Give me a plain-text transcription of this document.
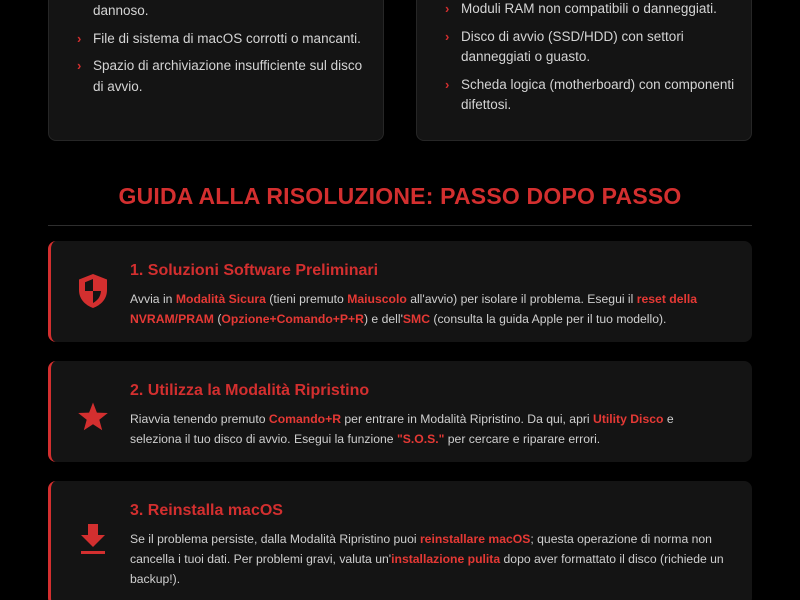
dannoso.
› File di sistema di macOS corrotti o mancanti.
› Spazio di archiviazione insufficiente sul disco di avvio.
› Moduli RAM non compatibili o danneggiati.
› Disco di avvio (SSD/HDD) con settori danneggiati o guasto.
› Scheda logica (motherboard) con componenti difettosi.
GUIDA ALLA RISOLUZIONE: PASSO DOPO PASSO
1. Soluzioni Software Preliminari

Avvia in Modalità Sicura (tieni premuto Maiuscolo all'avvio) per isolare il problema. Esegui il reset della NVRAM/PRAM (Opzione+Comando+P+R) e dell'SMC (consulta la guida Apple per il tuo modello).

2. Utilizza la Modalità Ripristino

Riavvia tenendo premuto Comando+R per entrare in Modalità Ripristino. Da qui, apri Utility Disco e seleziona il tuo disco di avvio. Esegui la funzione "S.O.S." per cercare e riparare errori.

3. Reinstalla macOS

Se il problema persiste, dalla Modalità Ripristino puoi reinstallare macOS; questa operazione di norma non cancella i tuoi dati. Per problemi gravi, valuta un'installazione pulita dopo aver formattato il disco (richiede un backup!).
